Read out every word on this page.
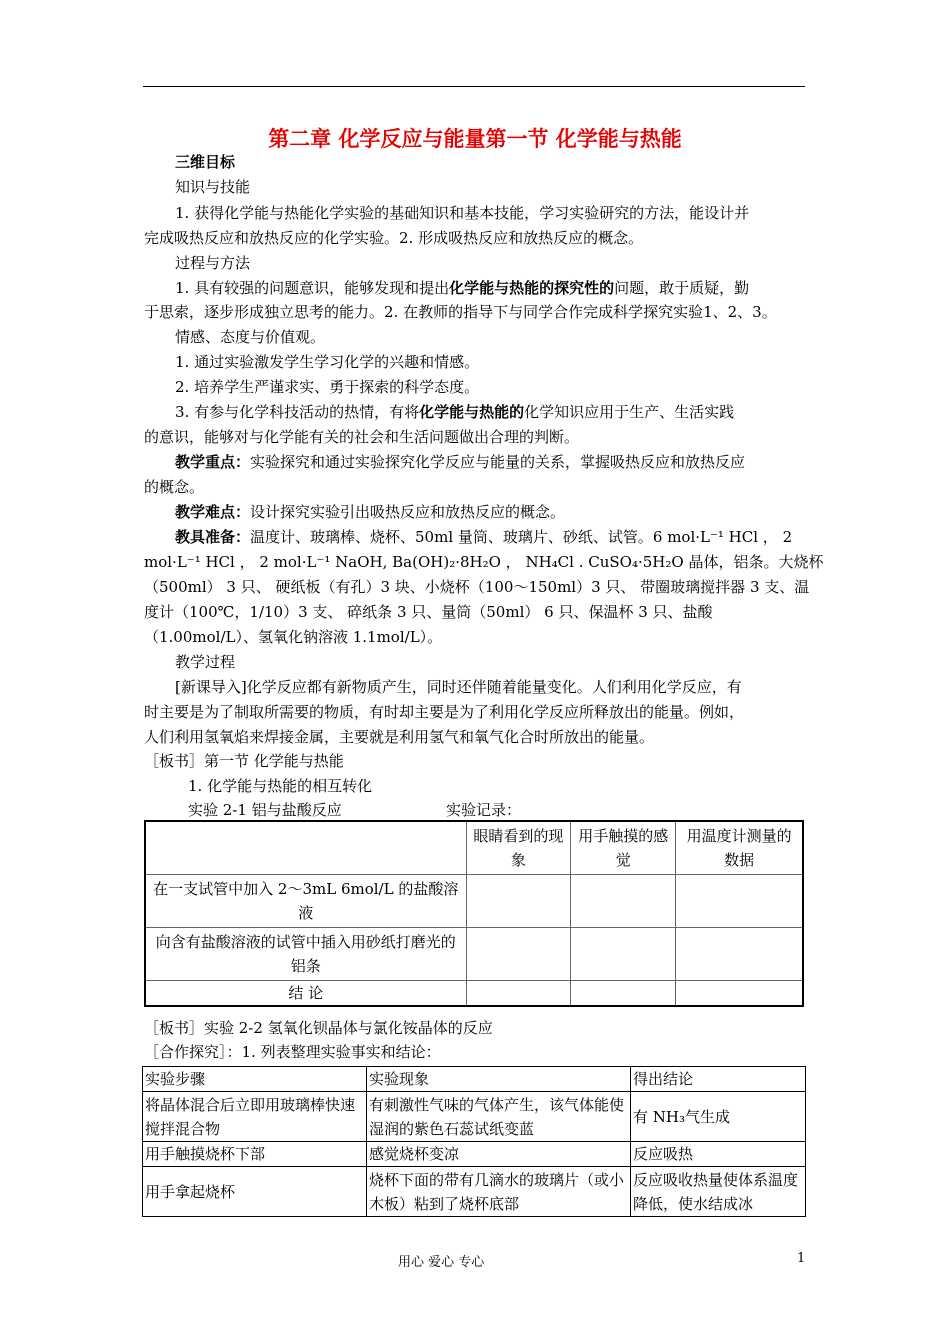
第二章 化学反应与能量第一节 化学能与热能
三维目标
知识与技能
1. 获得化学能与热能化学实验的基础知识和基本技能，学习实验研究的方法，能设计并
完成吸热反应和放热反应的化学实验。2. 形成吸热反应和放热反应的概念。
过程与方法
1. 具有较强的问题意识，能够发现和提出化学能与热能的探究性的问题，敢于质疑，勤
于思索，逐步形成独立思考的能力。2. 在教师的指导下与同学合作完成科学探究实验1、2、3。
情感、态度与价值观。
1. 通过实验激发学生学习化学的兴趣和情感。
2. 培养学生严谨求实、勇于探索的科学态度。
3. 有参与化学科技活动的热情，有将化学能与热能的化学知识应用于生产、生活实践
的意识，能够对与化学能有关的社会和生活问题做出合理的判断。
教学重点：实验探究和通过实验探究化学反应与能量的关系，掌握吸热反应和放热反应
的概念。
教学难点：设计探究实验引出吸热反应和放热反应的概念。
教具准备：温度计、玻璃棒、烧杯、50ml 量筒、玻璃片、砂纸、试管。6 mol·L⁻¹ HCl ， 2
mol·L⁻¹ HCl ， 2 mol·L⁻¹ NaOH, Ba(OH)₂·8H₂O ， NH₄Cl . CuSO₄·5H₂O 晶体，铝条。大烧杯
（500ml） 3 只、 硬纸板（有孔）3 块、小烧杯（100～150ml）3 只、 带圈玻璃搅拌器 3 支、温
度计（100℃，1/10）3 支、 碎纸条 3 只、量筒（50ml） 6 只、保温杯 3 只、盐酸
（1.00mol/L）、氢氧化钠溶液 1.1mol/L）。
教学过程
[新课导入]化学反应都有新物质产生，同时还伴随着能量变化。人们利用化学反应，有
时主要是为了制取所需要的物质，有时却主要是为了利用化学反应所释放出的能量。例如，
人们利用氢氧焰来焊接金属，主要就是利用氢气和氧气化合时所放出的能量。
［板书］第一节 化学能与热能
1. 化学能与热能的相互转化
实验 2-1 铝与盐酸反应	实验记录：
	眼睛看到的现象	用手触摸的感觉	用温度计测量的数据
在一支试管中加入 2～3mL 6mol/L 的盐酸溶液			
向含有盐酸溶液的试管中插入用砂纸打磨光的铝条			
结 论			
［板书］实验 2-2 氢氧化钡晶体与氯化铵晶体的反应
［合作探究］：1. 列表整理实验事实和结论：
实验步骤	实验现象	得出结论
将晶体混合后立即用玻璃棒快速搅拌混合物	有刺激性气味的气体产生，该气体能使湿润的紫色石蕊试纸变蓝	有 NH₃气生成
用手触摸烧杯下部	感觉烧杯变凉	反应吸热
用手拿起烧杯	烧杯下面的带有几滴水的玻璃片（或小木板）粘到了烧杯底部	反应吸收热量使体系温度降低，使水结成冰
用心 爱心 专心	1
